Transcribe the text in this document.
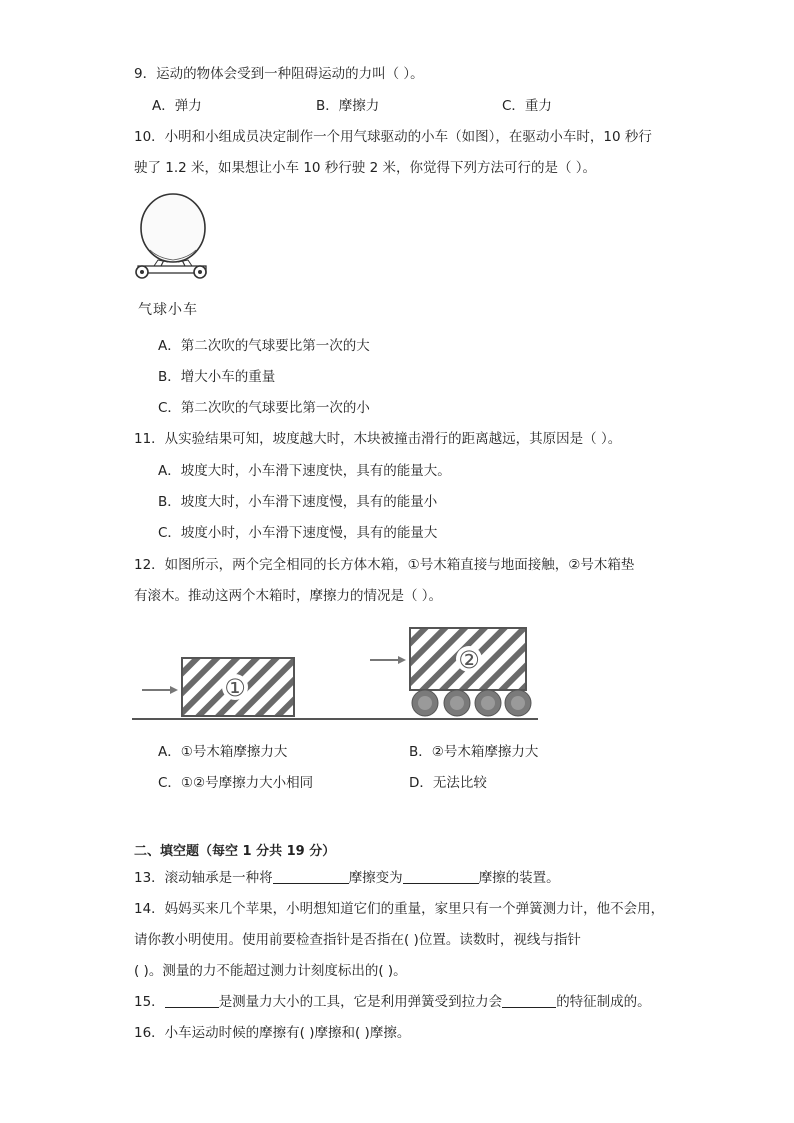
9．运动的物体会受到一种阻碍运动的力叫（ ）。
A．弹力	B．摩擦力	C．重力
10．小明和小组成员决定制作一个用气球驱动的小车（如图），在驱动小车时，10 秒行
驶了 1.2 米，如果想让小车 10 秒行驶 2 米，你觉得下列方法可行的是（ ）。
气球小车
A．第二次吹的气球要比第一次的大
B．增大小车的重量
C．第二次吹的气球要比第一次的小
11．从实验结果可知，坡度越大时，木块被撞击滑行的距离越远，其原因是（ ）。
A．坡度大时，小车滑下速度快，具有的能量大。
B．坡度大时，小车滑下速度慢，具有的能量小
C．坡度小时，小车滑下速度慢，具有的能量大
12．如图所示，两个完全相同的长方体木箱，①号木箱直接与地面接触，②号木箱垫
有滚木。推动这两个木箱时，摩擦力的情况是（ ）。
①
②
A．①号木箱摩擦力大	B．②号木箱摩擦力大
C．①②号摩擦力大小相同	D．无法比较
二、填空题（每空 1 分共 19 分）
13．滚动轴承是一种将	摩擦变为	摩擦的装置。
14．妈妈买来几个苹果，小明想知道它们的重量，家里只有一个弹簧测力计，他不会用，
请你教小明使用。使用前要检查指针是否指在( )位置。读数时，视线与指针
( )。测量的力不能超过测力计刻度标出的( )。
15．	是测量力大小的工具，它是利用弹簧受到拉力会	的特征制成的。
16．小车运动时候的摩擦有( )摩擦和( )摩擦。
